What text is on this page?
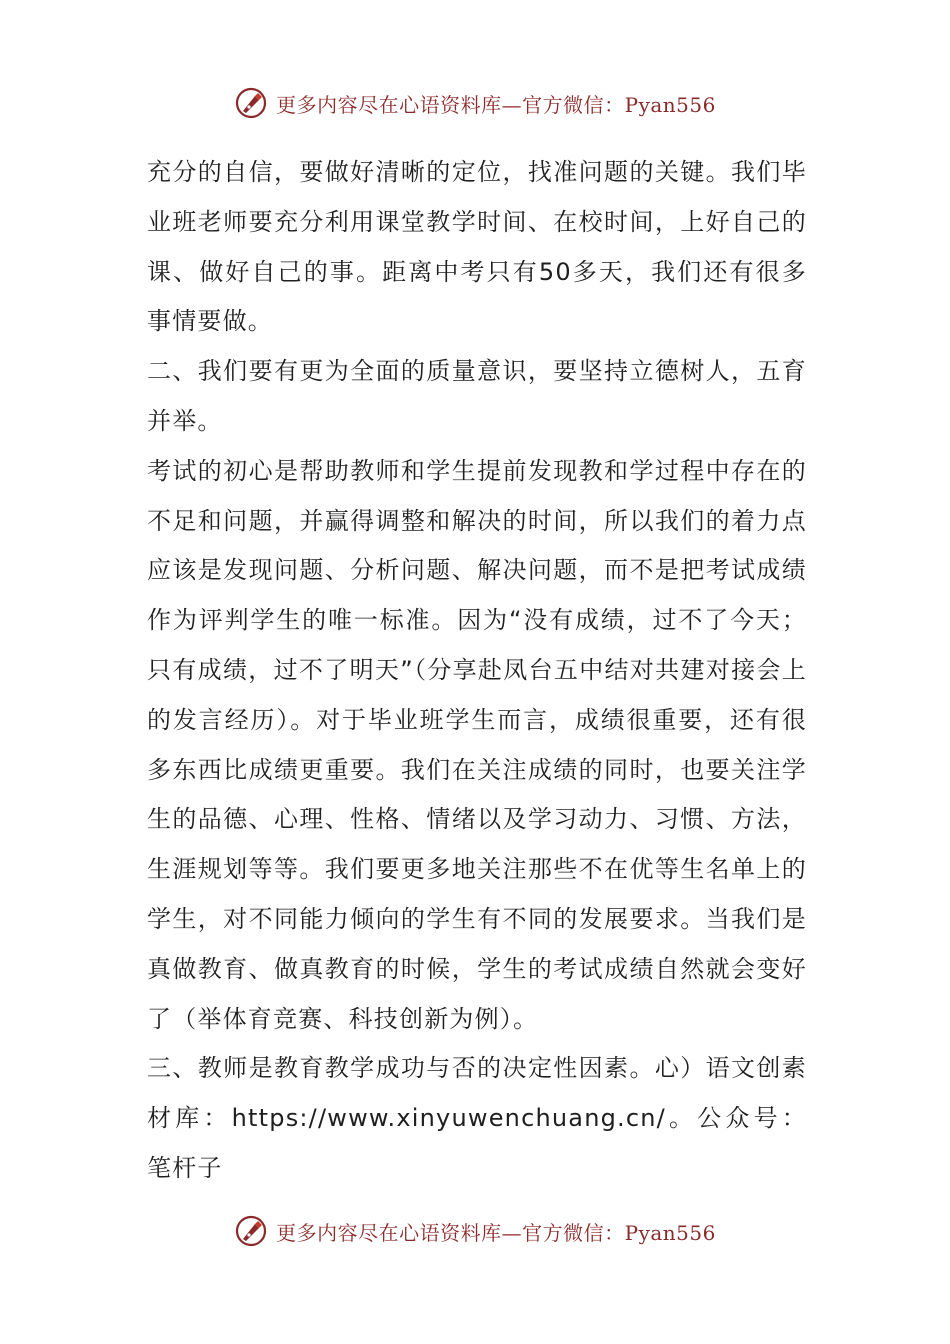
更多内容尽在心语资料库—官方微信：Pyan556

充分的自信，要做好清晰的定位，找准问题的关键。我们毕业班老师要充分利用课堂教学时间、在校时间，上好自己的课、做好自己的事。距离中考只有50多天，我们还有很多事情要做。

二、我们要有更为全面的质量意识，要坚持立德树人，五育并举。

考试的初心是帮助教师和学生提前发现教和学过程中存在的不足和问题，并赢得调整和解决的时间，所以我们的着力点应该是发现问题、分析问题、解决问题，而不是把考试成绩作为评判学生的唯一标准。因为“没有成绩，过不了今天；只有成绩，过不了明天”（分享赴凤台五中结对共建对接会上的发言经历）。对于毕业班学生而言，成绩很重要，还有很多东西比成绩更重要。我们在关注成绩的同时，也要关注学生的品德、心理、性格、情绪以及学习动力、习惯、方法，生涯规划等等。我们要更多地关注那些不在优等生名单上的学生，对不同能力倾向的学生有不同的发展要求。当我们是真做教育、做真教育的时候，学生的考试成绩自然就会变好了（举体育竞赛、科技创新为例）。

三、教师是教育教学成功与否的决定性因素。心）语文创素材库：https://www.xinyuwenchuang.cn/。公众号：笔杆子

更多内容尽在心语资料库—官方微信：Pyan556
